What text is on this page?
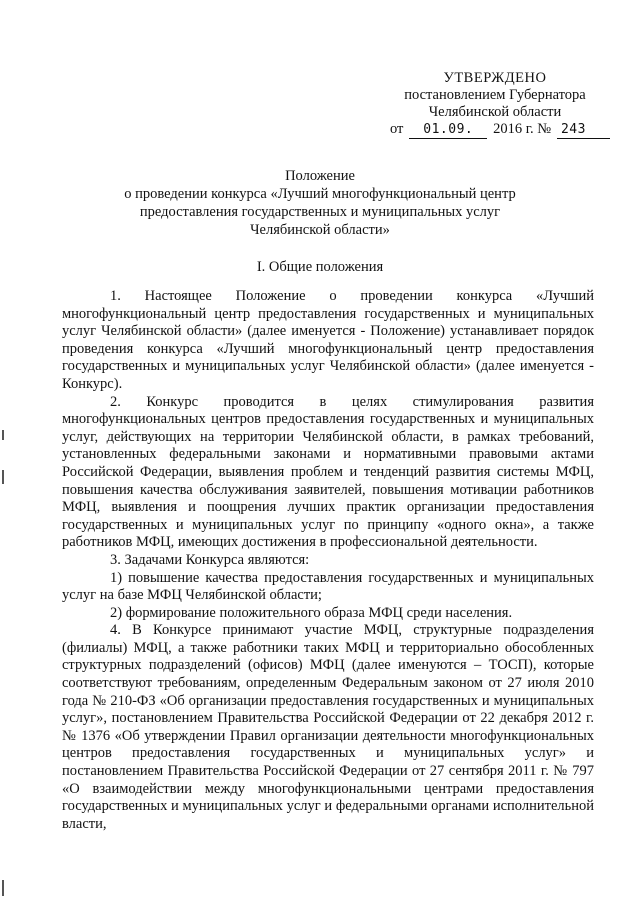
УТВЕРЖДЕНО
постановлением Губернатора
Челябинской области
от	01.09.	2016 г. № 243
Положение
о проведении конкурса «Лучший многофункциональный центр
предоставления государственных и муниципальных услуг
Челябинской области»
I. Общие положения

1. Настоящее Положение о проведении конкурса «Лучший многофункциональный центр предоставления государственных и муниципальных услуг Челябинской области» (далее именуется - Положение) устанавливает порядок проведения конкурса «Лучший многофункциональный центр предоставления государственных и муниципальных услуг Челябинской области» (далее именуется - Конкурс).

2. Конкурс проводится в целях стимулирования развития многофункциональных центров предоставления государственных и муниципальных услуг, действующих на территории Челябинской области, в рамках требований, установленных федеральными законами и нормативными правовыми актами Российской Федерации, выявления проблем и тенденций развития системы МФЦ, повышения качества обслуживания заявителей, повышения мотивации работников МФЦ, выявления и поощрения лучших практик организации предоставления государственных и муниципальных услуг по принципу «одного окна», а также работников МФЦ, имеющих достижения в профессиональной деятельности.

3. Задачами Конкурса являются:

1) повышение качества предоставления государственных и муниципальных услуг на базе МФЦ Челябинской области;

2) формирование положительного образа МФЦ среди населения.

4. В Конкурсе принимают участие МФЦ, структурные подразделения (филиалы) МФЦ, а также работники таких МФЦ и территориально обособленных структурных подразделений (офисов) МФЦ (далее именуются – ТОСП), которые соответствуют требованиям, определенным Федеральным законом от 27 июля 2010 года № 210-ФЗ «Об организации предоставления государственных и муниципальных услуг», постановлением Правительства Российской Федерации от 22 декабря 2012 г. № 1376 «Об утверждении Правил организации деятельности многофункциональных центров предоставления государственных и муниципальных услуг» и постановлением Правительства Российской Федерации от 27 сентября 2011 г. № 797 «О взаимодействии между многофункциональными центрами предоставления государственных и муниципальных услуг и федеральными органами исполнительной власти,
